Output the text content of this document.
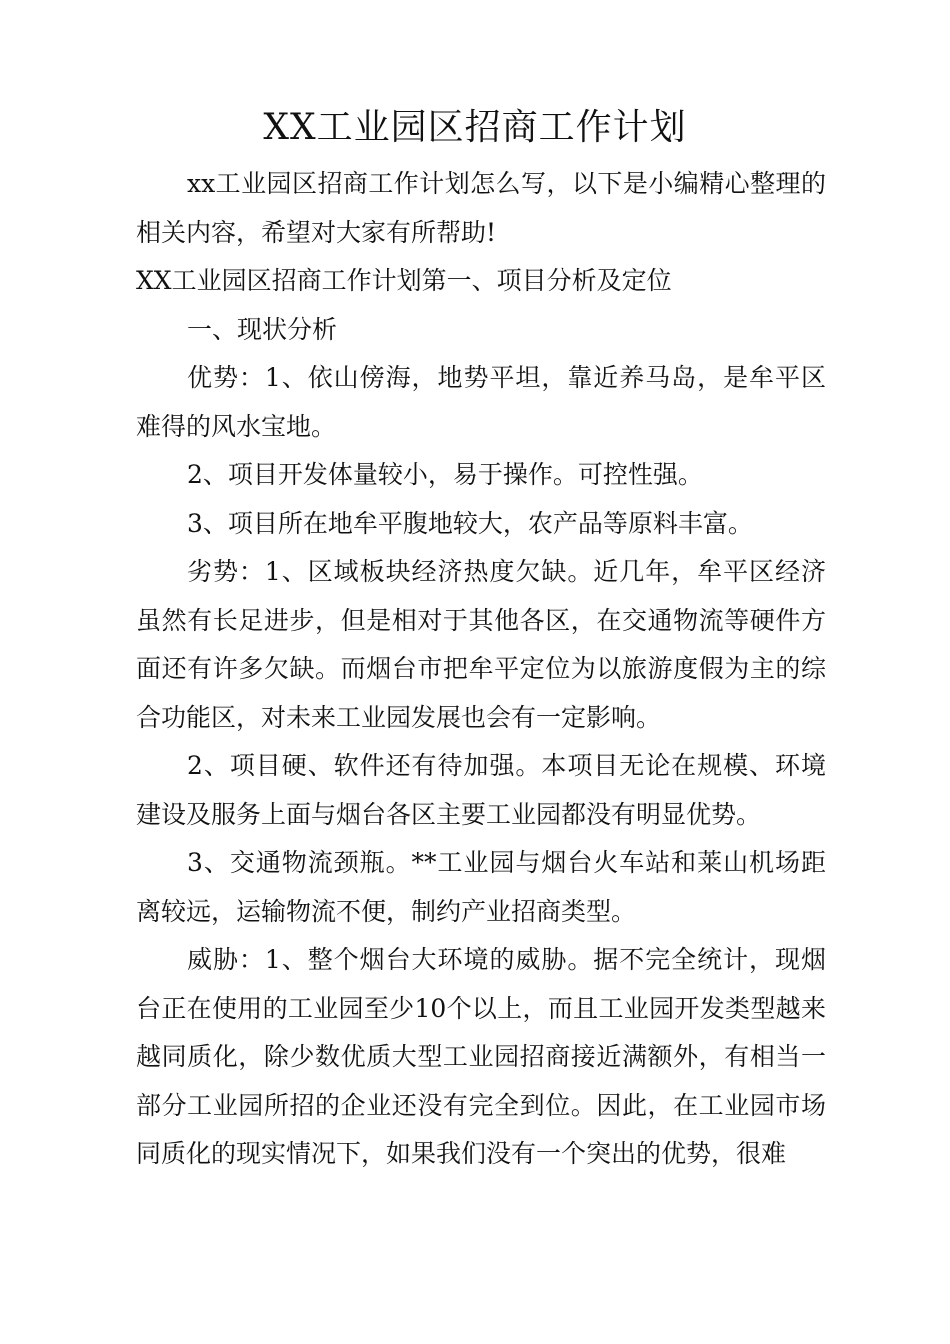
XX工业园区招商工作计划

xx工业园区招商工作计划怎么写，以下是小编精心整理的相关内容，希望对大家有所帮助!

XX工业园区招商工作计划第一、项目分析及定位

一、现状分析

优势：1、依山傍海，地势平坦，靠近养马岛，是牟平区难得的风水宝地。

2、项目开发体量较小，易于操作。可控性强。

3、项目所在地牟平腹地较大，农产品等原料丰富。

劣势：1、区域板块经济热度欠缺。近几年，牟平区经济虽然有长足进步，但是相对于其他各区，在交通物流等硬件方面还有许多欠缺。而烟台市把牟平定位为以旅游度假为主的综合功能区，对未来工业园发展也会有一定影响。

2、项目硬、软件还有待加强。本项目无论在规模、环境建设及服务上面与烟台各区主要工业园都没有明显优势。

3、交通物流颈瓶。**工业园与烟台火车站和莱山机场距离较远，运输物流不便，制约产业招商类型。

威胁：1、整个烟台大环境的威胁。据不完全统计，现烟台正在使用的工业园至少10个以上，而且工业园开发类型越来越同质化，除少数优质大型工业园招商接近满额外，有相当一部分工业园所招的企业还没有完全到位。因此，在工业园市场同质化的现实情况下，如果我们没有一个突出的优势，很难
